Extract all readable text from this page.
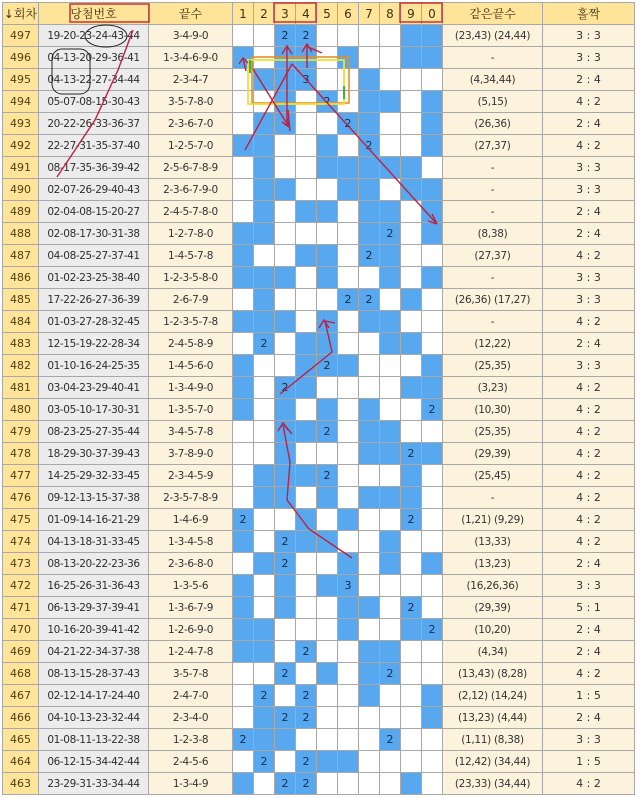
↓회차	당첨번호	끝수	1	2	3	4	5	6	7	8	9	0	같은끝수	홀짝
497	19-20-23-24-43-44	3-4-9-0			2	2							(23,43) (24,44)	3 : 3
496	04-13-20-29-36-41	1-3-4-6-9-0											-	3 : 3
495	04-13-22-27-34-44	2-3-4-7				3							(4,34,44)	2 : 4
494	05-07-08-15-30-43	3-5-7-8-0					2						(5,15)	4 : 2
493	20-22-26-33-36-37	2-3-6-7-0						2					(26,36)	2 : 4
492	22-27-31-35-37-40	1-2-5-7-0							2				(27,37)	4 : 2
491	08-17-35-36-39-42	2-5-6-7-8-9											-	3 : 3
490	02-07-26-29-40-43	2-3-6-7-9-0											-	3 : 3
489	02-04-08-15-20-27	2-4-5-7-8-0											-	2 : 4
488	02-08-17-30-31-38	1-2-7-8-0								2			(8,38)	2 : 4
487	04-08-25-27-37-41	1-4-5-7-8							2				(27,37)	4 : 2
486	01-02-23-25-38-40	1-2-3-5-8-0											-	3 : 3
485	17-22-26-27-36-39	2-6-7-9						2	2				(26,36) (17,27)	3 : 3
484	01-03-27-28-32-45	1-2-3-5-7-8											-	4 : 2
483	12-15-19-22-28-34	2-4-5-8-9		2									(12,22)	2 : 4
482	01-10-16-24-25-35	1-4-5-6-0					2						(25,35)	3 : 3
481	03-04-23-29-40-41	1-3-4-9-0			2								(3,23)	4 : 2
480	03-05-10-17-30-31	1-3-5-7-0										2	(10,30)	4 : 2
479	08-23-25-27-35-44	3-4-5-7-8					2						(25,35)	4 : 2
478	18-29-30-37-39-43	3-7-8-9-0									2		(29,39)	4 : 2
477	14-25-29-32-33-45	2-3-4-5-9					2						(25,45)	4 : 2
476	09-12-13-15-37-38	2-3-5-7-8-9											-	4 : 2
475	01-09-14-16-21-29	1-4-6-9	2								2		(1,21) (9,29)	4 : 2
474	04-13-18-31-33-45	1-3-4-5-8			2								(13,33)	4 : 2
473	08-13-20-22-23-36	2-3-6-8-0			2								(13,23)	2 : 4
472	16-25-26-31-36-43	1-3-5-6						3					(16,26,36)	3 : 3
471	06-13-29-37-39-41	1-3-6-7-9									2		(29,39)	5 : 1
470	10-16-20-39-41-42	1-2-6-9-0										2	(10,20)	2 : 4
469	04-21-22-34-37-38	1-2-4-7-8				2							(4,34)	2 : 4
468	08-13-15-28-37-43	3-5-7-8			2					2			(13,43) (8,28)	4 : 2
467	02-12-14-17-24-40	2-4-7-0		2		2							(2,12) (14,24)	1 : 5
466	04-10-13-23-32-44	2-3-4-0			2	2							(13,23) (4,44)	2 : 4
465	01-08-11-13-22-38	1-2-3-8	2							2			(1,11) (8,38)	3 : 3
464	06-12-15-34-42-44	2-4-5-6		2		2							(12,42) (34,44)	1 : 5
463	23-29-31-33-34-44	1-3-4-9			2	2							(23,33) (34,44)	4 : 2
